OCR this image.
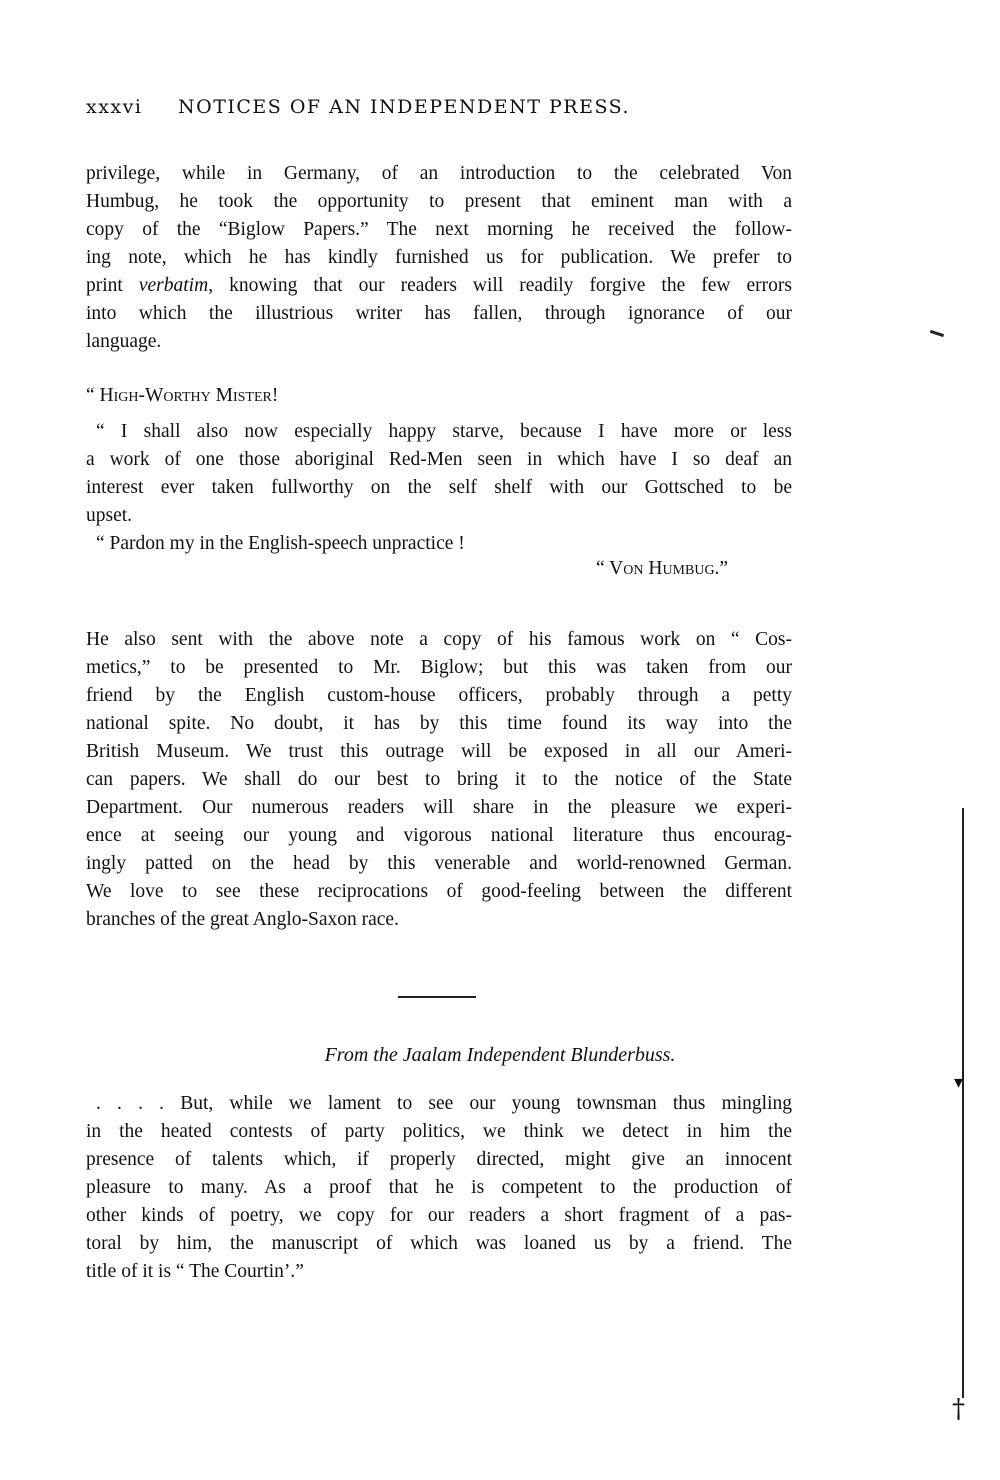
xxxvi NOTICES OF AN INDEPENDENT PRESS.
privilege, while in Germany, of an introduction to the celebrated Von
Humbug, he took the opportunity to present that eminent man with a
copy of the “Biglow Papers.” The next morning he received the follow-
ing note, which he has kindly furnished us for publication. We prefer to
print verbatim, knowing that our readers will readily forgive the few errors
into which the illustrious writer has fallen, through ignorance of our
language.
“ High-Worthy Mister!
“ I shall also now especially happy starve, because I have more or less
a work of one those aboriginal Red-Men seen in which have I so deaf an
interest ever taken fullworthy on the self shelf with our Gottsched to be
upset.
“ Pardon my in the English-speech unpractice !
“ Von Humbug.”
He also sent with the above note a copy of his famous work on “ Cos-
metics,” to be presented to Mr. Biglow; but this was taken from our
friend by the English custom-house officers, probably through a petty
national spite. No doubt, it has by this time found its way into the
British Museum. We trust this outrage will be exposed in all our Ameri-
can papers. We shall do our best to bring it to the notice of the State
Department. Our numerous readers will share in the pleasure we experi-
ence at seeing our young and vigorous national literature thus encourag-
ingly patted on the head by this venerable and world-renowned German.
We love to see these reciprocations of good-feeling between the different
branches of the great Anglo-Saxon race.
From the Jaalam Independent Blunderbuss.
. . . . But, while we lament to see our young townsman thus mingling
in the heated contests of party politics, we think we detect in him the
presence of talents which, if properly directed, might give an innocent
pleasure to many. As a proof that he is competent to the production of
other kinds of poetry, we copy for our readers a short fragment of a pas-
toral by him, the manuscript of which was loaned us by a friend. The
title of it is “ The Courtin’.”
▾
†
